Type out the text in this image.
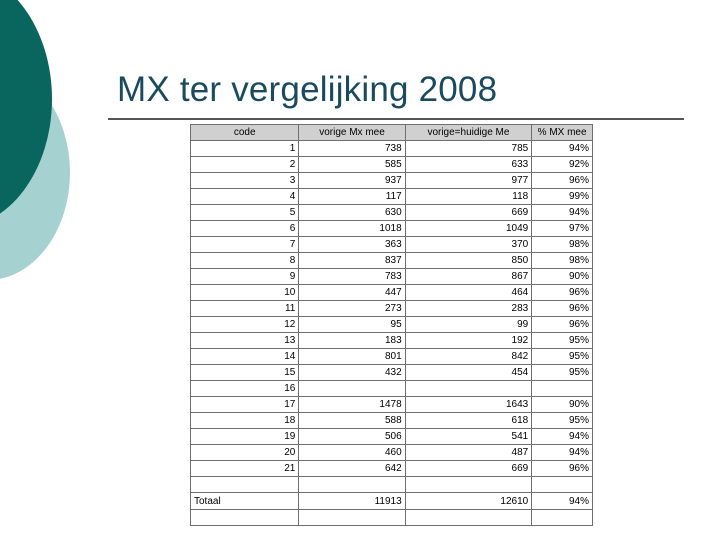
MX ter vergelijking 2008
code	vorige Mx mee	vorige=huidige Me	% MX mee
1	738	785	94%
2	585	633	92%
3	937	977	96%
4	117	118	99%
5	630	669	94%
6	1018	1049	97%
7	363	370	98%
8	837	850	98%
9	783	867	90%
10	447	464	96%
11	273	283	96%
12	95	99	96%
13	183	192	95%
14	801	842	95%
15	432	454	95%
16			
17	1478	1643	90%
18	588	618	95%
19	506	541	94%
20	460	487	94%
21	642	669	96%

Totaal	11913	12610	94%
